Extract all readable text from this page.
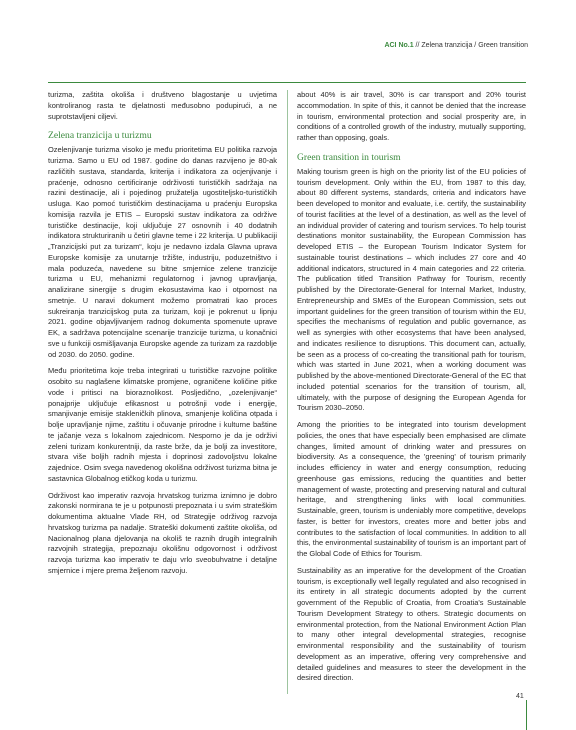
ACI No.1 // Zelena tranzicija / Green transition

turizma, zaštita okoliša i društveno blagostanje u uvjetima kontroliranog rasta te djelatnosti međusobno podupirući, a ne suprotstavljeni ciljevi.

Zelena tranzicija u turizmu

Ozelenjivanje turizma visoko je među prioritetima EU politika razvoja turizma. Samo u EU od 1987. godine do danas razvijeno je 80-ak različitih sustava, standarda, kriterija i indikatora za ocjenjivanje i praćenje, odnosno certificiranje održivosti turističkih sadržaja na razini destinacije, ali i pojedinog pružatelja ugostiteljsko-turističkih usluga. Kao pomoć turističkim destinacijama u praćenju Europska komisija razvila je ETIS – Europski sustav indikatora za održive turističke destinacije, koji uključuje 27 osnovnih i 40 dodatnih indikatora strukturiranih u četiri glavne teme i 22 kriterija. U publikaciji „Tranzicijski put za turizam“, koju je nedavno izdala Glavna uprava Europske komisije za unutarnje tržište, industriju, poduzetništvo i mala poduzeća, navedene su bitne smjernice zelene tranzicije turizma u EU, mehanizmi regulatornog i javnog upravljanja, analizirane sinergije s drugim ekosustavima kao i otpornost na smetnje. U naravi dokument možemo promatrati kao proces sukreiranja tranzicijskog puta za turizam, koji je pokrenut u lipnju 2021. godine objavljivanjem radnog dokumenta spomenute uprave EK, a sadržava potencijalne scenarije tranzicije turizma, u konačnici sve u funkciji osmišljavanja Europske agende za turizam za razdoblje od 2030. do 2050. godine.

Među prioritetima koje treba integrirati u turističke razvojne politike osobito su naglašene klimatske promjene, ograničene količine pitke vode i pritisci na bioraznolikost. Posljedično, „ozelenjivanje“ ponajprije uključuje efikasnost u potrošnji vode i energije, smanjivanje emisije stakleničkih plinova, smanjenje količina otpada i bolje upravljanje njime, zaštitu i očuvanje prirodne i kulturne baštine te jačanje veza s lokalnom zajednicom. Nesporno je da je održivi zeleni turizam konkurentniji, da raste brže, da je bolji za investitore, stvara više boljih radnih mjesta i doprinosi zadovoljstvu lokalne zajednice. Osim svega navedenog okolišna održivost turizma bitna je sastavnica Globalnog etičkog koda u turizmu.

Održivost kao imperativ razvoja hrvatskog turizma iznimno je dobro zakonski normirana te je u potpunosti prepoznata i u svim strateškim dokumentima aktualne Vlade RH, od Strategije održivog razvoja hrvatskog turizma pa nadalje. Strateški dokumenti zaštite okoliša, od Nacionalnog plana djelovanja na okoliš te raznih drugih integralnih razvojnih strategija, prepoznaju okolišnu odgovornost i održivost razvoja turizma kao imperativ te daju vrlo sveobuhvatne i detaljne smjernice i mjere prema željenom razvoju.

about 40% is air travel, 30% is car transport and 20% tourist accommodation. In spite of this, it cannot be denied that the increase in tourism, environmental protection and social prosperity are, in conditions of a controlled growth of the industry, mutually supporting, rather than opposing, goals.

Green transition in tourism

Making tourism green is high on the priority list of the EU policies of tourism development. Only within the EU, from 1987 to this day, about 80 different systems, standards, criteria and indicators have been developed to monitor and evaluate, i.e. certify, the sustainability of tourist facilities at the level of a destination, as well as the level of an individual provider of catering and tourism services. To help tourist destinations monitor sustainability, the European Commission has developed ETIS – the European Tourism Indicator System for sustainable tourist destinations – which includes 27 core and 40 additional indicators, structured in 4 main categories and 22 criteria. The publication titled Transition Pathway for Tourism, recently published by the Directorate-General for Internal Market, Industry, Entrepreneurship and SMEs of the European Commission, sets out important guidelines for the green transition of tourism within the EU, specifies the mechanisms of regulation and public governance, as well as synergies with other ecosystems that have been analysed, and indicates resilience to disruptions. This document can, actually, be seen as a process of co-creating the transitional path for tourism, which was started in June 2021, when a working document was published by the above-mentioned Directorate-General of the EC that included potential scenarios for the transition of tourism, all, ultimately, with the purpose of designing the European Agenda for Tourism 2030–2050.

Among the priorities to be integrated into tourism development policies, the ones that have especially been emphasised are climate changes, limited amount of drinking water and pressures on biodiversity. As a consequence, the 'greening' of tourism primarily includes efficiency in water and energy consumption, reducing greenhouse gas emissions, reducing the quantities and better management of waste, protecting and preserving natural and cultural heritage, and strengthening links with local communities. Sustainable, green, tourism is undeniably more competitive, develops faster, is better for investors, creates more and better jobs and contributes to the satisfaction of local communities. In addition to all this, the environmental sustainability of tourism is an important part of the Global Code of Ethics for Tourism.

Sustainability as an imperative for the development of the Croatian tourism, is exceptionally well legally regulated and also recognised in its entirety in all strategic documents adopted by the current government of the Republic of Croatia, from Croatia's Sustainable Tourism Development Strategy to others. Strategic documents on environmental protection, from the National Environment Action Plan to many other integral developmental strategies, recognise environmental responsibility and the sustainability of tourism development as an imperative, offering very comprehensive and detailed guidelines and measures to steer the development in the desired direction.

41
